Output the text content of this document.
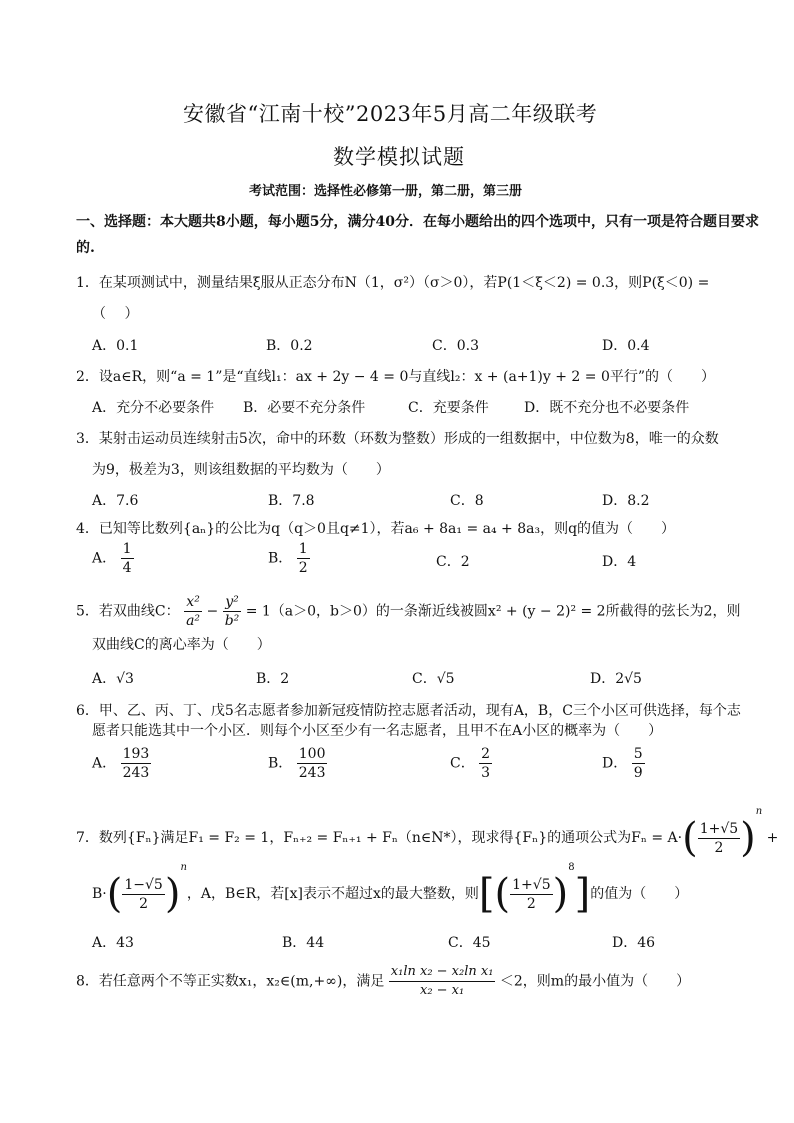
安徽省“江南十校”2023年5月高二年级联考
数学模拟试题
考试范围：选择性必修第一册，第二册，第三册
一、选择题：本大题共8小题，每小题5分，满分40分．在每小题给出的四个选项中，只有一项是符合题目要求的.
1．在某项测试中，测量结果ξ服从正态分布N（1，σ²）（σ＞0），若P(1＜ξ＜2) = 0.3，则P(ξ＜0) =
（　 ）
A．0.1	B．0.2	C．0.3	D．0.4
2．设a∈R，则“a = 1”是“直线l₁：ax + 2y − 4 = 0与直线l₂：x + (a+1)y + 2 = 0平行”的（　　）
A．充分不必要条件 B．必要不充分条件	C．充要条件	D．既不充分也不必要条件
3．某射击运动员连续射击5次，命中的环数（环数为整数）形成的一组数据中，中位数为8，唯一的众数
为9，极差为3，则该组数据的平均数为（　　）
A．7.6	B．7.8	C．8	D．8.2
4．已知等比数列{aₙ}的公比为q（q＞0且q≠1），若a₆ + 8a₁ = a₄ + 8a₃，则q的值为（　　）
A． $\frac{1}{4}$	B． $\frac{1}{2}$	C．2	D．4
5．若双曲线C： $\frac{\text{x²}}{\text{a²}} - \frac{\text{y²}}{\text{b²}} = 1(a>0$，b＞0）的一条渐近线被圆x² + (y − 2)² = 2所截得的弦长为2，则
双曲线C的离心率为（　　）
A．√3	B．2	C．√5	D．2√5
6．甲、乙、丙、丁、戊5名志愿者参加新冠疫情防控志愿者活动，现有A，B，C三个小区可供选择，每个志
愿者只能选其中一个小区．则每个小区至少有一名志愿者，且甲不在A小区的概率为（　　）
A． $\frac{193}{243}$	B． $\frac{100}{243}$	C． $\frac{2}{3}$	D． $\frac{5}{9}$
7．数列{Fₙ}满足F₁ = F₂ = 1，Fₙ₊₂ = Fₙ₊₁ + Fₙ（n∈N*），现求得{Fₙ}的通项公式为$F_n = A\cdot( \frac{1+√5}{2} )^n$ +
$B\cdot( \frac{1-√5}{2} )^n$，A，B∈R，若[x]表示不超过x的最大整数，则[( $\frac{1+√5}{2} )^8$]的值为（　　）
A．43	B．44	C．45	D．46
8．若任意两个不等正实数x₁，x₂∈(m,+∞)，满足 $\frac{\text{x₁ln x₂ − x₂ln x₁}}{\text{x₂ − x₁}} <2$，则m的最小值为（　　）
